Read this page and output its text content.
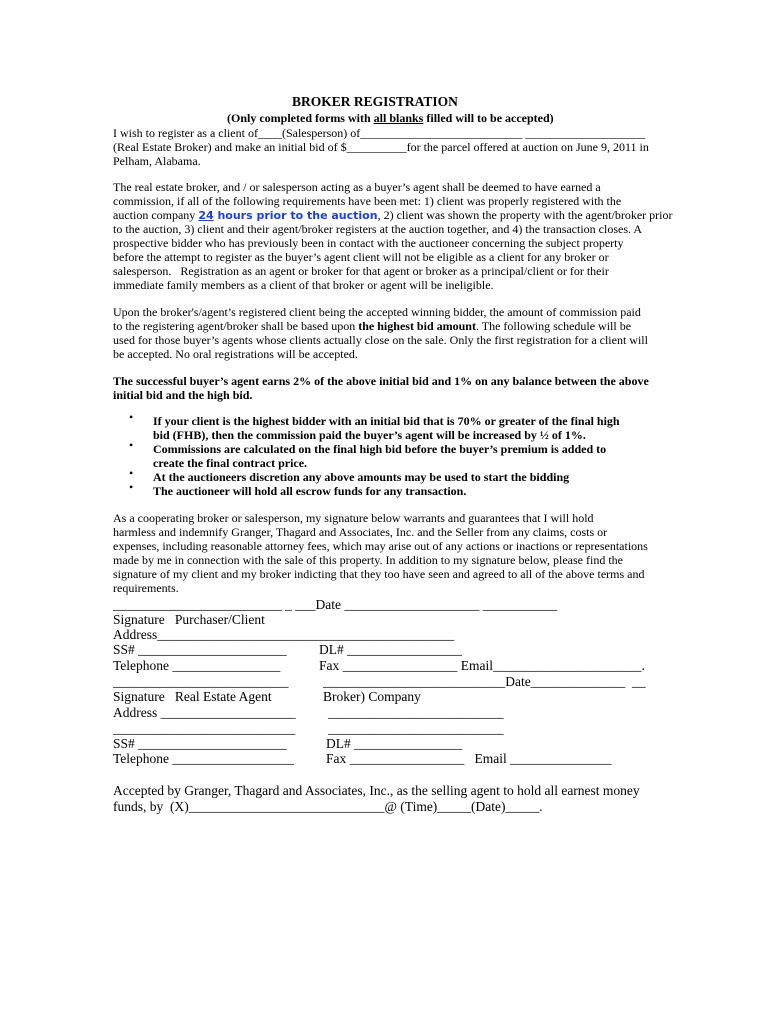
BROKER REGISTRATION
(Only completed forms with all blanks filled will to be accepted)
I wish to register as a client of____(Salesperson) of___________________________ ____________________
(Real Estate Broker) and make an initial bid of $__________for the parcel offered at auction on June 9, 2011 in
Pelham, Alabama.
The real estate broker, and / or salesperson acting as a buyer’s agent shall be deemed to have earned a
commission, if all of the following requirements have been met: 1) client was properly registered with the
auction company 24 hours prior to the auction, 2) client was shown the property with the agent/broker prior
to the auction, 3) client and their agent/broker registers at the auction together, and 4) the transaction closes. A
prospective bidder who has previously been in contact with the auctioneer concerning the subject property
before the attempt to register as the buyer’s agent client will not be eligible as a client for any broker or
salesperson.   Registration as an agent or broker for that agent or broker as a principal/client or for their
immediate family members as a client of that broker or agent will be ineligible.
Upon the broker's/agent’s registered client being the accepted winning bidder, the amount of commission paid
to the registering agent/broker shall be based upon the highest bid amount. The following schedule will be
used for those buyer’s agents whose clients actually close on the sale. Only the first registration for a client will
be accepted. No oral registrations will be accepted.
The successful buyer’s agent earns 2% of the above initial bid and 1% on any balance between the above
initial bid and the high bid.
• If your client is the highest bidder with an initial bid that is 70% or greater of the final high
bid (FHB), then the commission paid the buyer’s agent will be increased by ½ of 1%.
• Commissions are calculated on the final high bid before the buyer’s premium is added to
create the final contract price.
• At the auctioneers discretion any above amounts may be used to start the bidding
• The auctioneer will hold all escrow funds for any transaction.
As a cooperating broker or salesperson, my signature below warrants and guarantees that I will hold
harmless and indemnify Granger, Thagard and Associates, Inc. and the Seller from any claims, costs or
expenses, including reasonable attorney fees, which may arise out of any actions or inactions or representations
made by me in connection with the sale of this property. In addition to my signature below, please find the
signature of my client and my broker indicting that they too have seen and agreed to all of the above terms and
requirements.
_________________________ _ ___Date ____________________ ___________
Signature   Purchaser/Client
Address____________________________________________
SS# ______________________ DL# _________________
Telephone ________________	Fax _________________ Email______________________.
__________________________	___________________________Date______________  __
Signature   Real Estate Agent	Broker) Company
Address ____________________ __________________________
___________________________ __________________________
SS# ______________________	DL# ________________
Telephone __________________ Fax _________________   Email _______________
Accepted by Granger, Thagard and Associates, Inc., as the selling agent to hold all earnest money
funds, by  (X)_____________________________@ (Time)_____(Date)_____.
